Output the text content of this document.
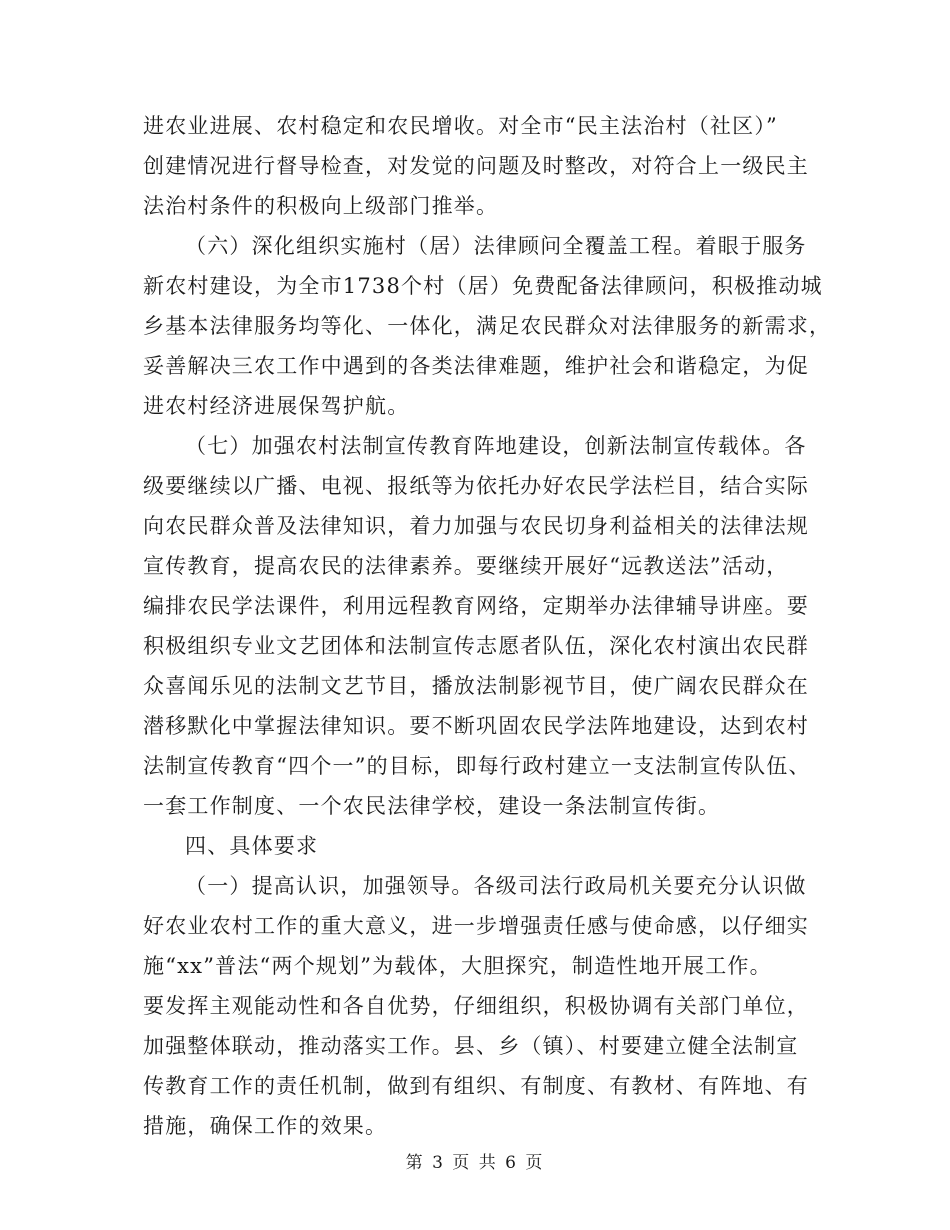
进农业进展、农村稳定和农民增收。对全市“民主法治村（社区）”
创建情况进行督导检查，对发觉的问题及时整改，对符合上一级民主
法治村条件的积极向上级部门推举。
（六）深化组织实施村（居）法律顾问全覆盖工程。着眼于服务
新农村建设，为全市1738个村（居）免费配备法律顾问，积极推动城
乡基本法律服务均等化、一体化，满足农民群众对法律服务的新需求，
妥善解决三农工作中遇到的各类法律难题，维护社会和谐稳定，为促
进农村经济进展保驾护航。
（七）加强农村法制宣传教育阵地建设，创新法制宣传载体。各
级要继续以广播、电视、报纸等为依托办好农民学法栏目，结合实际
向农民群众普及法律知识，着力加强与农民切身利益相关的法律法规
宣传教育，提高农民的法律素养。要继续开展好“远教送法”活动，
编排农民学法课件，利用远程教育网络，定期举办法律辅导讲座。要
积极组织专业文艺团体和法制宣传志愿者队伍，深化农村演出农民群
众喜闻乐见的法制文艺节目，播放法制影视节目，使广阔农民群众在
潜移默化中掌握法律知识。要不断巩固农民学法阵地建设，达到农村
法制宣传教育“四个一”的目标，即每行政村建立一支法制宣传队伍、
一套工作制度、一个农民法律学校，建设一条法制宣传街。
四、具体要求
（一）提高认识，加强领导。各级司法行政局机关要充分认识做
好农业农村工作的重大意义，进一步增强责任感与使命感，以仔细实
施“xx”普法“两个规划”为载体，大胆探究，制造性地开展工作。
要发挥主观能动性和各自优势，仔细组织，积极协调有关部门单位，
加强整体联动，推动落实工作。县、乡（镇）、村要建立健全法制宣
传教育工作的责任机制，做到有组织、有制度、有教材、有阵地、有
措施，确保工作的效果。
第 3 页 共 6 页
